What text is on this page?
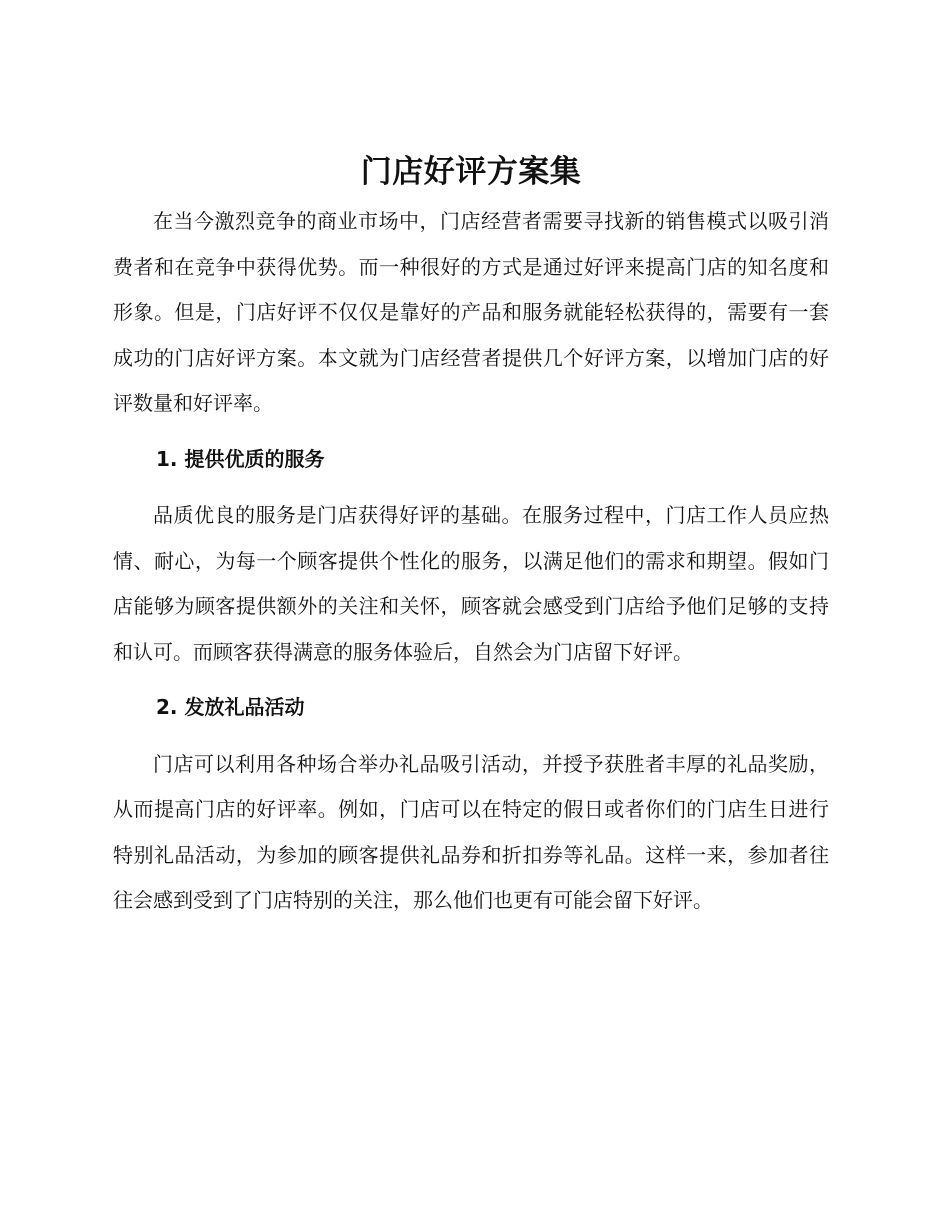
门店好评方案集

在当今激烈竞争的商业市场中，门店经营者需要寻找新的销售模式以吸引消费者和在竞争中获得优势。而一种很好的方式是通过好评来提高门店的知名度和形象。但是，门店好评不仅仅是靠好的产品和服务就能轻松获得的，需要有一套成功的门店好评方案。本文就为门店经营者提供几个好评方案，以增加门店的好评数量和好评率。

1. 提供优质的服务

品质优良的服务是门店获得好评的基础。在服务过程中，门店工作人员应热情、耐心，为每一个顾客提供个性化的服务，以满足他们的需求和期望。假如门店能够为顾客提供额外的关注和关怀，顾客就会感受到门店给予他们足够的支持和认可。而顾客获得满意的服务体验后，自然会为门店留下好评。

2. 发放礼品活动

门店可以利用各种场合举办礼品吸引活动，并授予获胜者丰厚的礼品奖励，从而提高门店的好评率。例如，门店可以在特定的假日或者你们的门店生日进行特别礼品活动，为参加的顾客提供礼品券和折扣券等礼品。这样一来，参加者往往会感到受到了门店特别的关注，那么他们也更有可能会留下好评。
